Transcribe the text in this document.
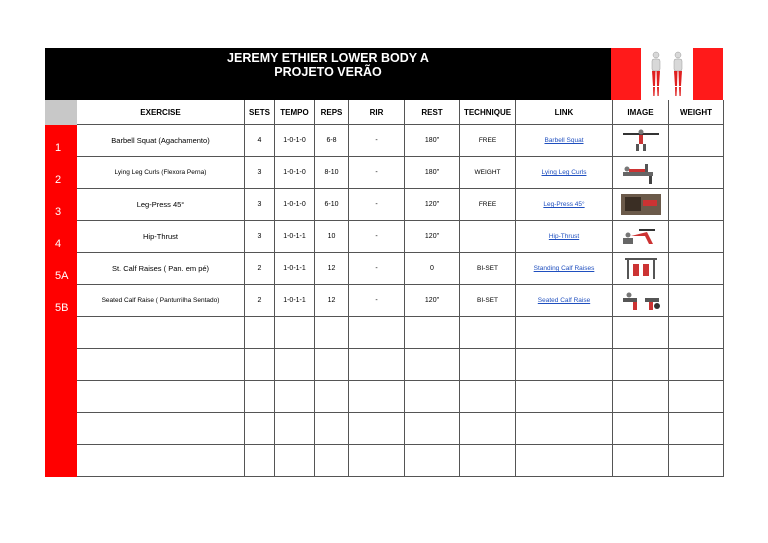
JEREMY ETHIER LOWER BODY A
PROJETO VERÃO
	EXERCISE	SETS	TEMPO	REPS	RIR	REST	TECHNIQUE	LINK	IMAGE	WEIGHT
1	Barbell Squat (Agachamento)	4	1-0-1-0	6-8	-	180"	FREE	Barbell Squat		
2	Lying Leg Curls (Flexora Perna)	3	1-0-1-0	8-10	-	180"	WEIGHT	Lying Leg Curls		
3	Leg-Press 45°	3	1-0-1-0	6-10	-	120"	FREE	Leg-Press 45°		
4	Hip-Thrust	3	1-0-1-1	10	-	120"		Hip-Thrust		
5A	St. Calf Raises ( Pan. em pé)	2	1-0-1-1	12	-	0	BI-SET	Standing Calf Raises		
5B	Seated Calf Raise ( Panturrilha Sentado)	2	1-0-1-1	12	-	120"	BI-SET	Seated Calf Raise		
